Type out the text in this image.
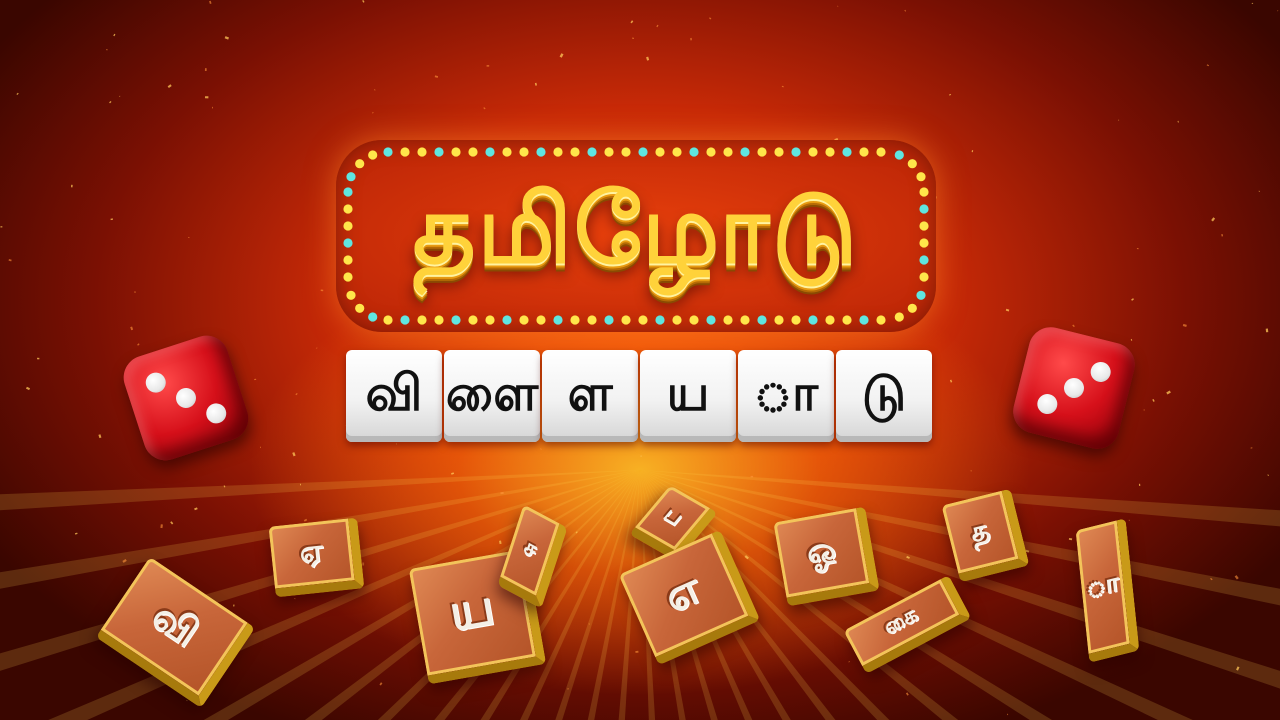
தமிழோடு
வி ளை ள	ய ா டு
ஏ	ஓ	த
ப
வி	ய	எ	ா
ச
கை
